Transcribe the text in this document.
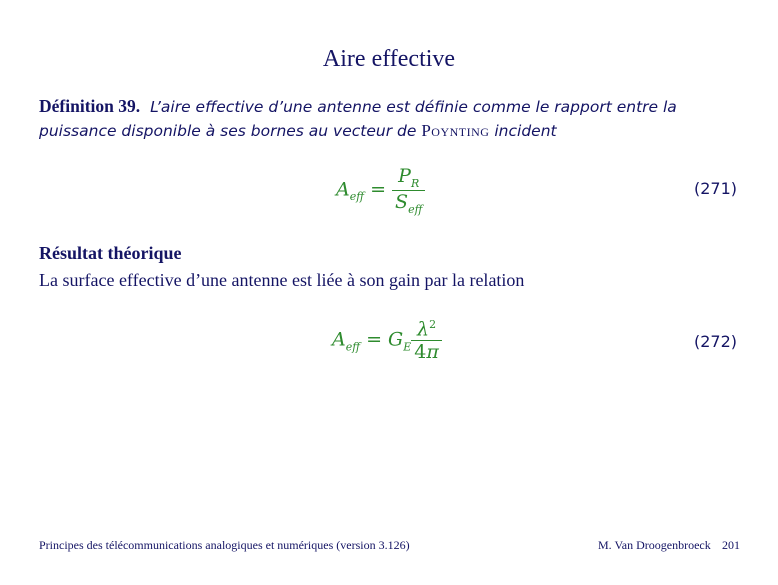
Aire effective
Définition 39. L’aire effective d’une antenne est définie comme le rapport entre la puissance disponible à ses bornes au vecteur de Poynting incident
$A_{eff} = \frac{P_R}{S_{eff}}$	(271)
Résultat théorique
La surface effective d’une antenne est liée à son gain par la relation
$A_{eff} = G_E \frac{\lambda^2}{4\pi}$	(272)
Principes des télécommunications analogiques et numériques (version 3.126)	M. Van Droogenbroeck 201
